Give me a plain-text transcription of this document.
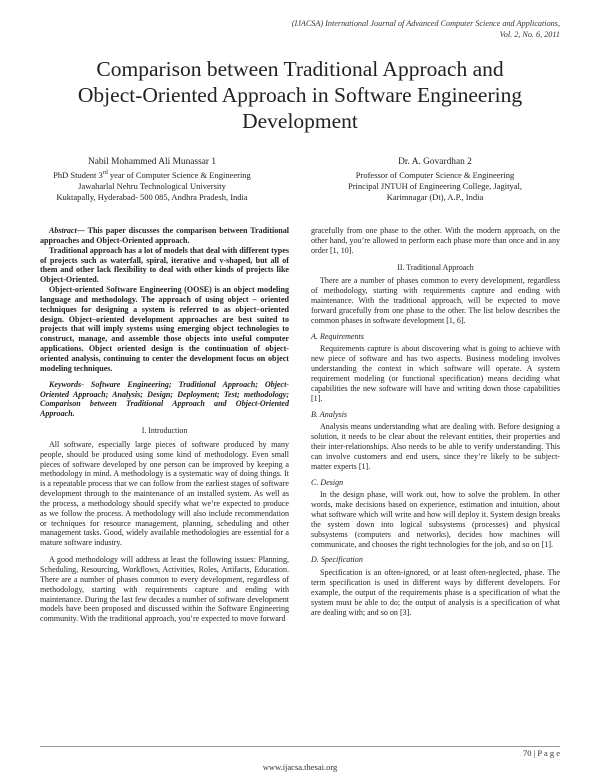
(IJACSA) International Journal of Advanced Computer Science and Applications,
Vol. 2, No. 6, 2011
Comparison between Traditional Approach and
Object-Oriented Approach in Software Engineering
Development
Nabil Mohammed Ali Munassar 1
PhD Student 3rd year of Computer Science & Engineering
Jawaharlal Nehru Technological University
Kuktapally, Hyderabad- 500 085, Andhra Pradesh, India
Dr. A. Govardhan 2
Professor of Computer Science & Engineering
Principal JNTUH of Engineering College, Jagityal,
Karimnagar (Dt), A.P., India

Abstract— This paper discusses the comparison between Traditional approaches and Object-Oriented approach.

Traditional approach has a lot of models that deal with different types of projects such as waterfall, spiral, iterative and v-shaped, but all of them and other lack flexibility to deal with other kinds of projects like Object-Oriented.

Object-oriented Software Engineering (OOSE) is an object modeling language and methodology. The approach of using object – oriented techniques for designing a system is referred to as object–oriented design. Object–oriented development approaches are best suited to projects that will imply systems using emerging object technologies to construct, manage, and assemble those objects into useful computer applications. Object oriented design is the continuation of object-oriented analysis, continuing to center the development focus on object modeling techniques.

Keywords- Software Engineering; Traditional Approach; Object-Oriented Approach; Analysis; Design; Deployment; Test; methodology; Comparison between Traditional Approach and Object-Oriented Approach.

I. Introduction

All software, especially large pieces of software produced by many people, should be produced using some kind of methodology. Even small pieces of software developed by one person can be improved by keeping a methodology in mind. A methodology is a systematic way of doing things. It is a repeatable process that we can follow from the earliest stages of software development through to the maintenance of an installed system. As well as the process, a methodology should specify what we’re expected to produce as we follow the process. A methodology will also include recommendation or techniques for resource management, planning, scheduling and other management tasks. Good, widely available methodologies are essential for a mature software industry.

A good methodology will address at least the following issues: Planning, Scheduling, Resourcing, Workflows, Activities, Roles, Artifacts, Education. There are a number of phases common to every development, regardless of methodology, starting with requirements capture and ending with maintenance. During the last few decades a number of software development models have been proposed and discussed within the Software Engineering community. With the traditional approach, you’re expected to move forward

gracefully from one phase to the other. With the modern approach, on the other hand, you’re allowed to perform each phase more than once and in any order [1, 10].

II. Traditional Approach

There are a number of phases common to every development, regardless of methodology, starting with requirements capture and ending with maintenance. With the traditional approach, will be expected to move forward gracefully from one phase to the other. The list below describes the common phases in software development [1, 6].

A. Requirements

Requirements capture is about discovering what is going to achieve with new piece of software and has two aspects. Business modeling involves understanding the context in which software will operate. A system requirement modeling (or functional specification) means deciding what capabilities the new software will have and writing down those capabilities [1].

B. Analysis

Analysis means understanding what are dealing with. Before designing a solution, it needs to be clear about the relevant entities, their properties and their inter-relationships. Also needs to be able to verify understanding. This can involve customers and end users, since they’re likely to be subject-matter experts [1].

C. Design

In the design phase, will work out, how to solve the problem. In other words, make decisions based on experience, estimation and intuition, about what software which will write and how will deploy it. System design breaks the system down into logical subsystems (processes) and physical subsystems (computers and networks), decides how machines will communicate, and chooses the right technologies for the job, and so on [1].

D. Specification

Specification is an often-ignored, or at least often-neglected, phase. The term specification is used in different ways by different developers. For example, the output of the requirements phase is a specification of what the system must be able to do; the output of analysis is a specification of what are dealing with; and so on [3].

70 | P a g e
www.ijacsa.thesai.org
